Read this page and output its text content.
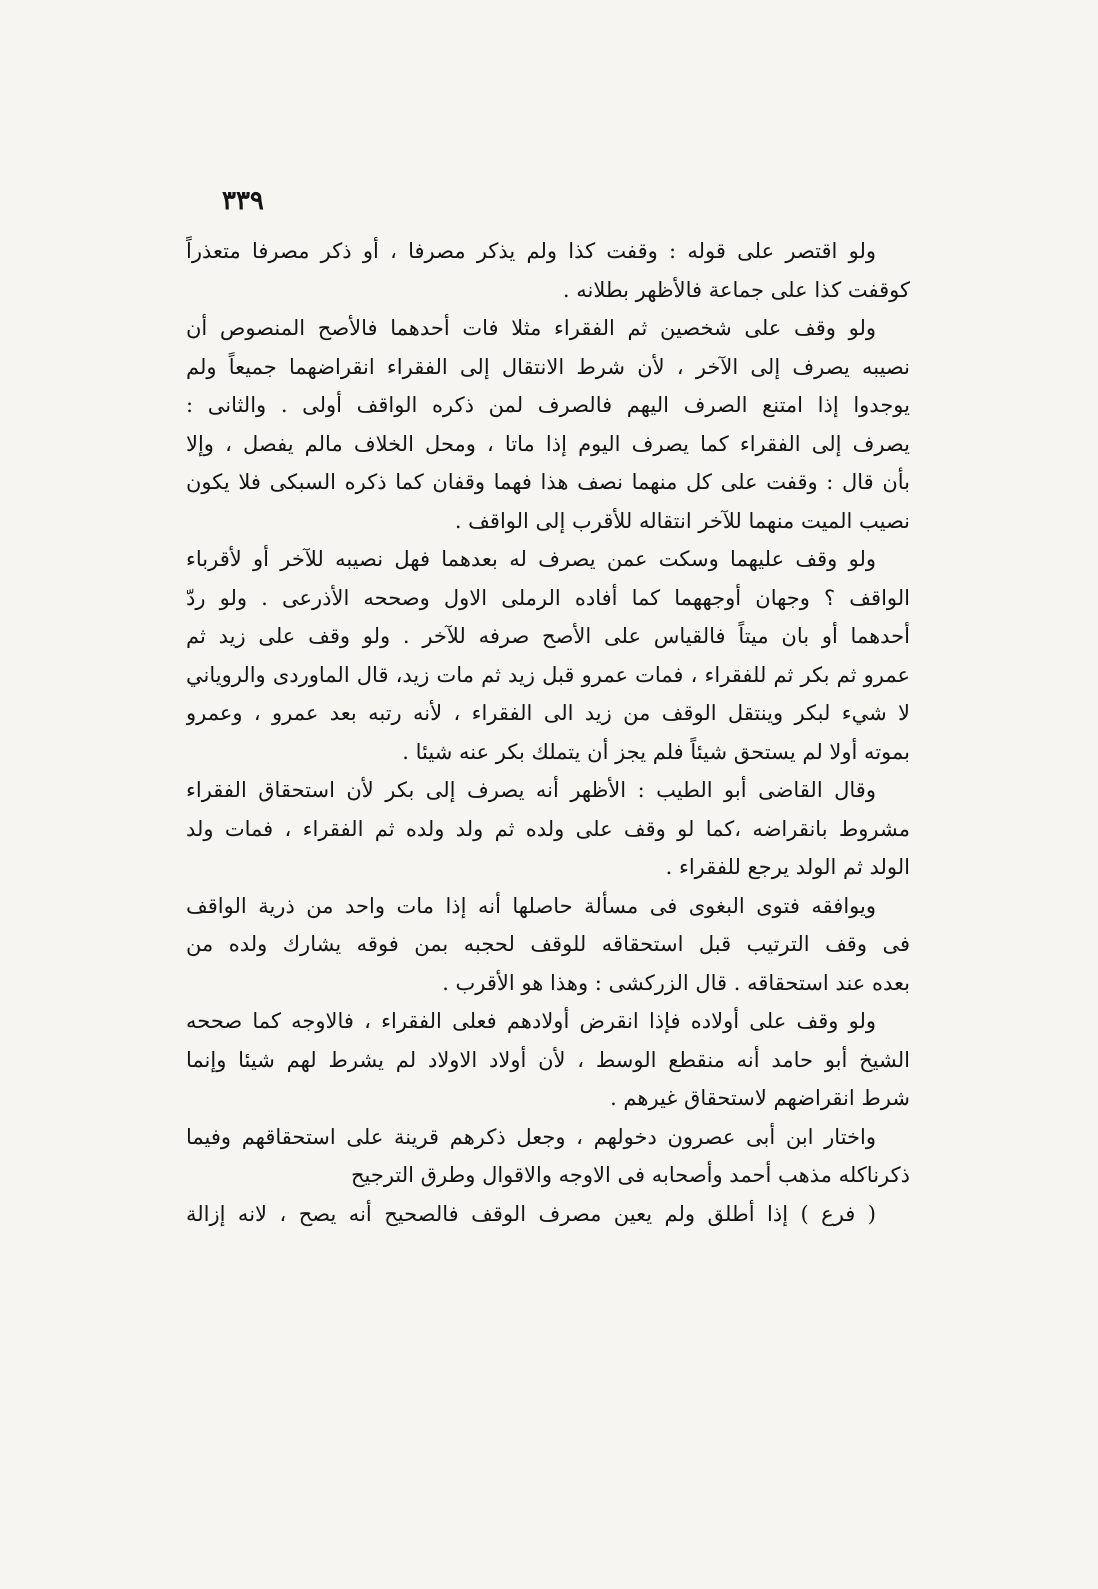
٣٣٩
ولو اقتصر على قوله : وقفت كذا ولم يذكر مصرفا ، أو ذكر مصرفا متعذراً
كوقفت كذا على جماعة فالأظهر بطلانه .
ولو وقف على شخصين ثم الفقراء مثلا فات أحدهما فالأصح المنصوص أن
نصيبه يصرف إلى الآخر ، لأن شرط الانتقال إلى الفقراء انقراضهما جميعاً ولم
يوجدوا إذا امتنع الصرف اليهم فالصرف لمن ذكره الواقف أولى . والثانى :
يصرف إلى الفقراء كما يصرف اليوم إذا ماتا ، ومحل الخلاف مالم يفصل ، وإلا
بأن قال : وقفت على كل منهما نصف هذا فهما وقفان كما ذكره السبكى فلا يكون
نصيب الميت منهما للآخر انتقاله للأقرب إلى الواقف .
ولو وقف عليهما وسكت عمن يصرف له بعدهما فهل نصيبه للآخر أو لأقرباء
الواقف ؟ وجهان أوجههما كما أفاده الرملى الاول وصححه الأذرعى . ولو ردّ
أحدهما أو بان ميتاً فالقياس على الأصح صرفه للآخر . ولو وقف على زيد ثم
عمرو ثم بكر ثم للفقراء ، فمات عمرو قبل زيد ثم مات زيد، قال الماوردى والروياني
لا شيء لبكر وينتقل الوقف من زيد الى الفقراء ، لأنه رتبه بعد عمرو ، وعمرو
بموته أولا لم يستحق شيئاً فلم يجز أن يتملك بكر عنه شيئا .
وقال القاضى أبو الطيب : الأظهر أنه يصرف إلى بكر لأن استحقاق الفقراء
مشروط بانقراضه ،كما لو وقف على ولده ثم ولد ولده ثم الفقراء ، فمات ولد
الولد ثم الولد يرجع للفقراء .
ويوافقه فتوى البغوى فى مسألة حاصلها أنه إذا مات واحد من ذرية الواقف
فى وقف الترتيب قبل استحقاقه للوقف لحجبه بمن فوقه يشارك ولده من
بعده عند استحقاقه . قال الزركشى : وهذا هو الأقرب .
ولو وقف على أولاده فإذا انقرض أولادهم فعلى الفقراء ، فالاوجه كما صححه
الشيخ أبو حامد أنه منقطع الوسط ، لأن أولاد الاولاد لم يشرط لهم شيئا وإنما
شرط انقراضهم لاستحقاق غيرهم .
واختار ابن أبى عصرون دخولهم ، وجعل ذكرهم قرينة على استحقاقهم وفيما
ذكرناكله مذهب أحمد وأصحابه فى الاوجه والاقوال وطرق الترجيح
( فرع ) إذا أطلق ولم يعين مصرف الوقف فالصحيح أنه يصح ، لانه إزالة
